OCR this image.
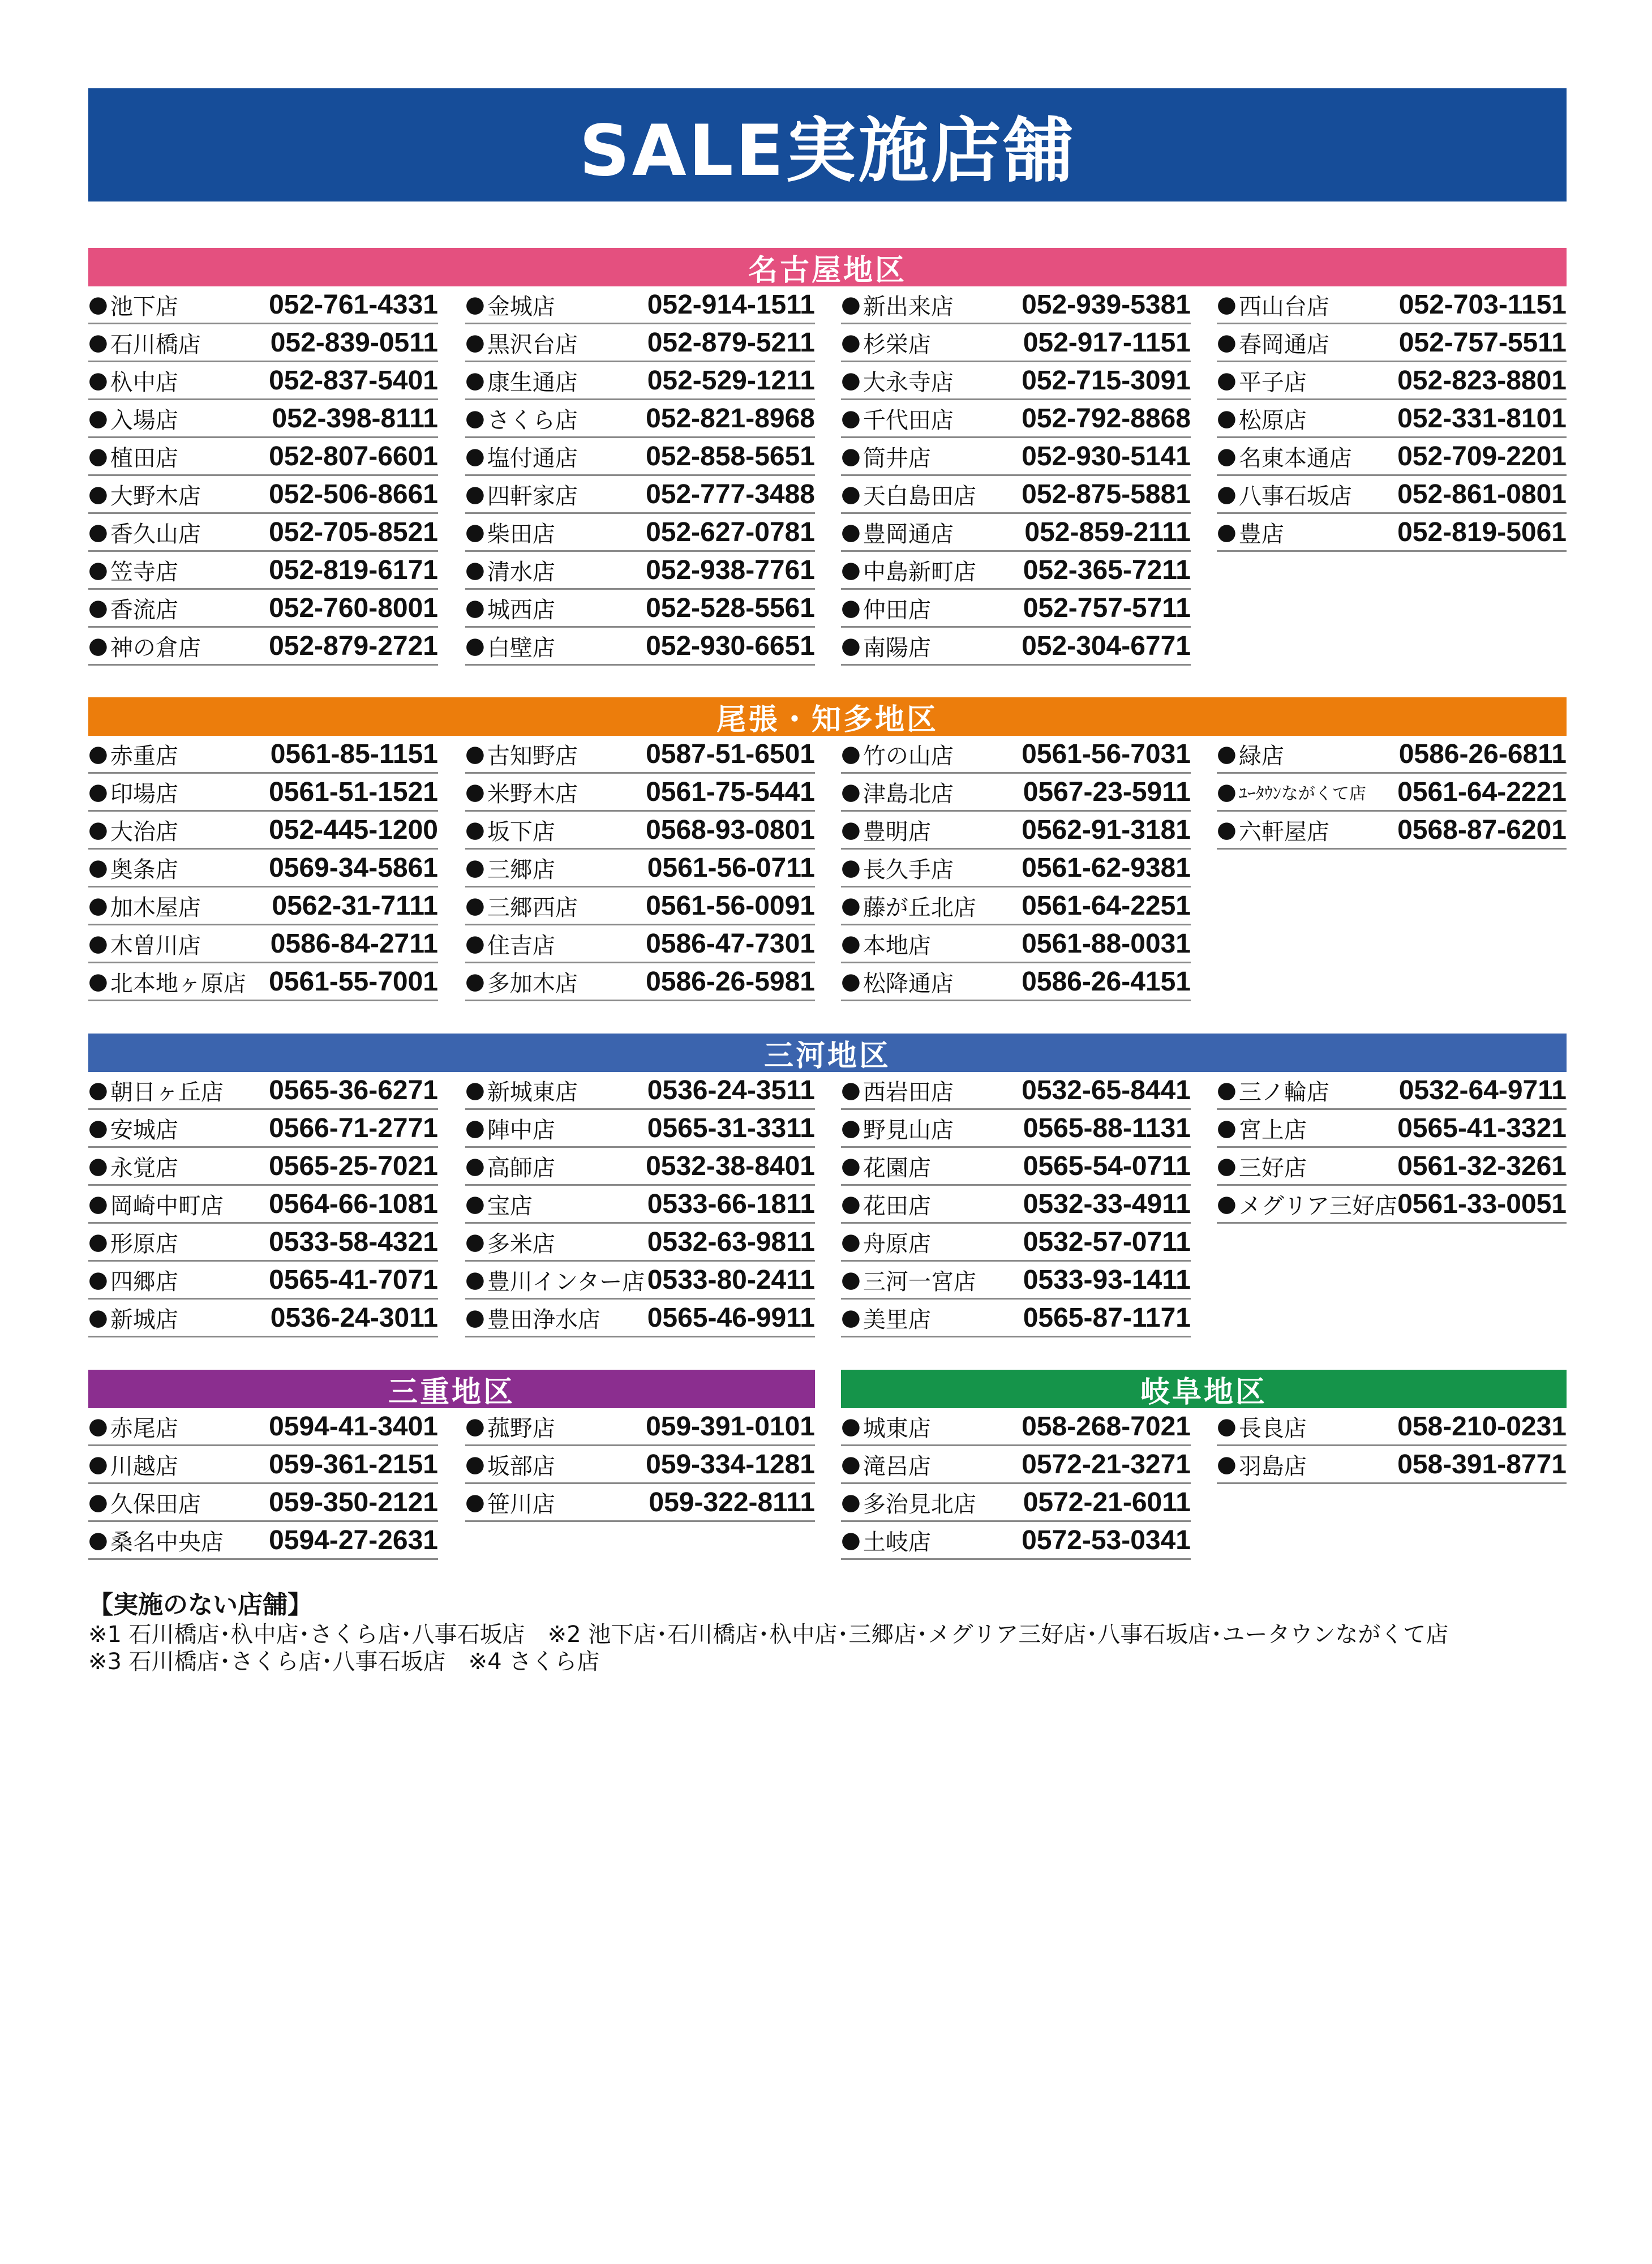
SALE実施店舗
名古屋地区
尾張・知多地区
三河地区
三重地区	岐阜地区
● 池下店	052-761-4331
● 石川橋店	052-839-0511
● 杁中店	052-837-5401
● 入場店	052-398-8111
● 植田店	052-807-6601
● 大野木店	052-506-8661
● 香久山店	052-705-8521
● 笠寺店	052-819-6171
● 香流店	052-760-8001
● 神の倉店	052-879-2721
● 金城店	052-914-1511
● 黒沢台店	052-879-5211
● 康生通店	052-529-1211
● さくら店	052-821-8968
● 塩付通店	052-858-5651
● 四軒家店	052-777-3488
● 柴田店	052-627-0781
● 清水店	052-938-7761
● 城西店	052-528-5561
● 白壁店	052-930-6651
● 新出来店	052-939-5381
● 杉栄店	052-917-1151
● 大永寺店	052-715-3091
● 千代田店	052-792-8868
● 筒井店	052-930-5141
● 天白島田店 052-875-5881
● 豊岡通店	052-859-2111
● 中島新町店 052-365-7211
● 仲田店	052-757-5711
● 南陽店	052-304-6771
● 西山台店	052-703-1151
● 春岡通店	052-757-5511
● 平子店	052-823-8801
● 松原店	052-331-8101
● 名東本通店 052-709-2201
● 八事石坂店 052-861-0801
● 豊店	052-819-5061
● 赤重店	0561-85-1151
● 印場店	0561-51-1521
● 大治店	052-445-1200
● 奥条店	0569-34-5861
● 加木屋店	0562-31-7111
● 木曽川店	0586-84-2711
● 北本地ヶ原店 0561-55-7001
● 古知野店	0587-51-6501
● 米野木店	0561-75-5441
● 坂下店	0568-93-0801
● 三郷店	0561-56-0711
● 三郷西店	0561-56-0091
● 住吉店	0586-47-7301
● 多加木店	0586-26-5981
● 竹の山店	0561-56-7031
● 津島北店	0567-23-5911
● 豊明店	0562-91-3181
● 長久手店	0561-62-9381
● 藤が丘北店 0561-64-2251
● 本地店	0561-88-0031
● 松降通店	0586-26-4151
● 緑店	0586-26-6811
● ﾕｰﾀｳﾝながくて店 0561-64-2221
● 六軒屋店	0568-87-6201
● 朝日ヶ丘店 0565-36-6271
● 安城店	0566-71-2771
● 永覚店	0565-25-7021
● 岡崎中町店 0564-66-1081
● 形原店	0533-58-4321
● 四郷店	0565-41-7071
● 新城店	0536-24-3011
● 新城東店	0536-24-3511
● 陣中店	0565-31-3311
● 高師店	0532-38-8401
● 宝店	0533-66-1811
● 多米店	0532-63-9811
● 豊川インター店 0533-80-2411
● 豊田浄水店 0565-46-9911
● 西岩田店	0532-65-8441
● 野見山店	0565-88-1131
● 花園店	0565-54-0711
● 花田店	0532-33-4911
● 舟原店	0532-57-0711
● 三河一宮店 0533-93-1411
● 美里店	0565-87-1171
● 三ノ輪店	0532-64-9711
● 宮上店	0565-41-3321
● 三好店	0561-32-3261
● メグリア三好店 0561-33-0051
● 赤尾店	0594-41-3401
● 川越店	059-361-2151
● 久保田店	059-350-2121
● 桑名中央店 0594-27-2631
● 菰野店	059-391-0101
● 坂部店	059-334-1281
● 笹川店	059-322-8111
● 城東店	058-268-7021
● 滝呂店	0572-21-3271
● 多治見北店 0572-21-6011
● 土岐店	0572-53-0341
● 長良店	058-210-0231
● 羽島店	058-391-8771
【実施のない店舗】
※1 石川橋店･杁中店･さくら店･八事石坂店　※2 池下店･石川橋店･杁中店･三郷店･メグリア三好店･八事石坂店･ユータウンながくて店
※3 石川橋店･さくら店･八事石坂店　※4 さくら店
